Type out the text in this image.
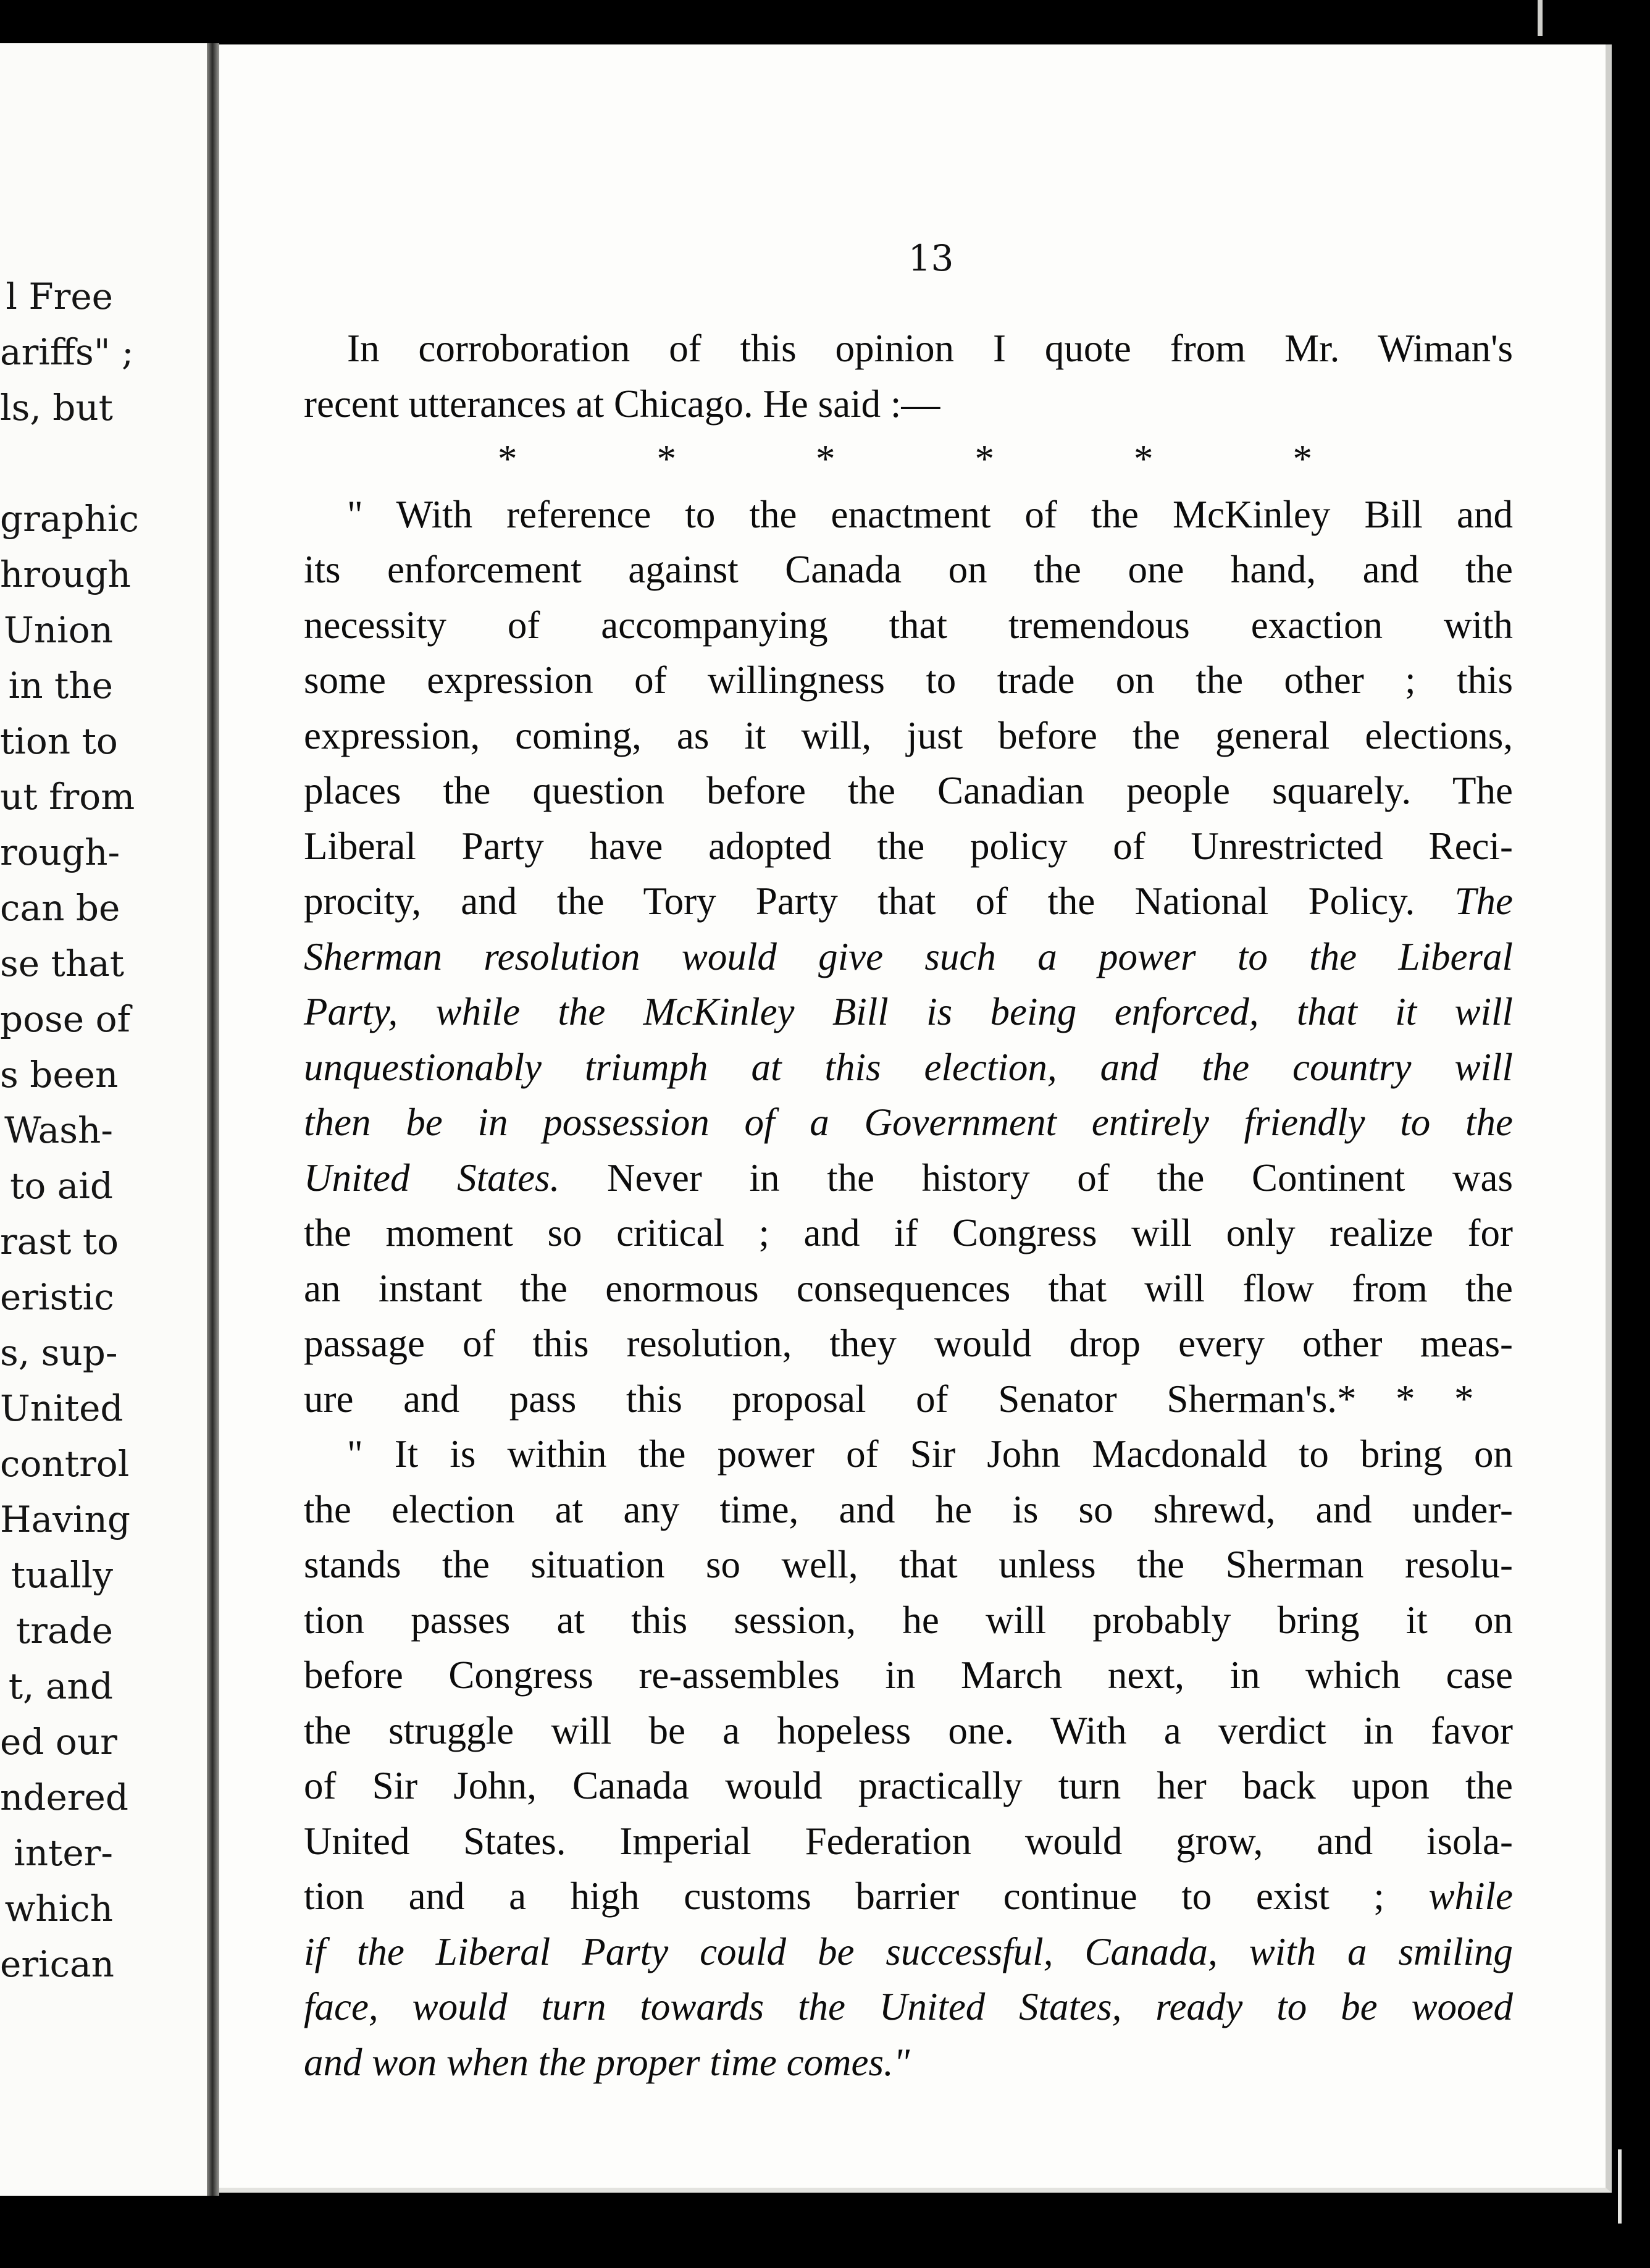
l Free
ariffs" ;
ls, but
graphic
hrough
Union
in the
tion to
ut from
rough-
can be
se that
pose of
s been
Wash-
to aid
rast to
eristic
s, sup-
United
control
Having
tually
trade
t, and
ed our
ndered
inter-
which
erican
13
In corroboration of this opinion I quote from Mr. Wiman's
recent utterances at Chicago. He said :—
*	*	*	*	*	*
" With reference to the enactment of the McKinley Bill and
its enforcement against Canada on the one hand, and the
necessity of accompanying that tremendous exaction with
some expression of willingness to trade on the other ; this
expression, coming, as it will, just before the general elections,
places the question before the Canadian people squarely. The
Liberal Party have adopted the policy of Unrestricted Reci-
procity, and the Tory Party that of the National Policy. The
Sherman resolution would give such a power to the Liberal
Party, while the McKinley Bill is being enforced, that it will
unquestionably triumph at this election, and the country will
then be in possession of a Government entirely friendly to the
United States. Never in the history of the Continent was
the moment so critical ; and if Congress will only realize for
an instant the enormous consequences that will flow from the
passage of this resolution, they would drop every other meas-
ure and pass this proposal of Senator Sherman's.* * *
" It is within the power of Sir John Macdonald to bring on
the election at any time, and he is so shrewd, and under-
stands the situation so well, that unless the Sherman resolu-
tion passes at this session, he will probably bring it on
before Congress re-assembles in March next, in which case
the struggle will be a hopeless one. With a verdict in favor
of Sir John, Canada would practically turn her back upon the
United States. Imperial Federation would grow, and isola-
tion and a high customs barrier continue to exist ; while
if the Liberal Party could be successful, Canada, with a smiling
face, would turn towards the United States, ready to be wooed
and won when the proper time comes."
